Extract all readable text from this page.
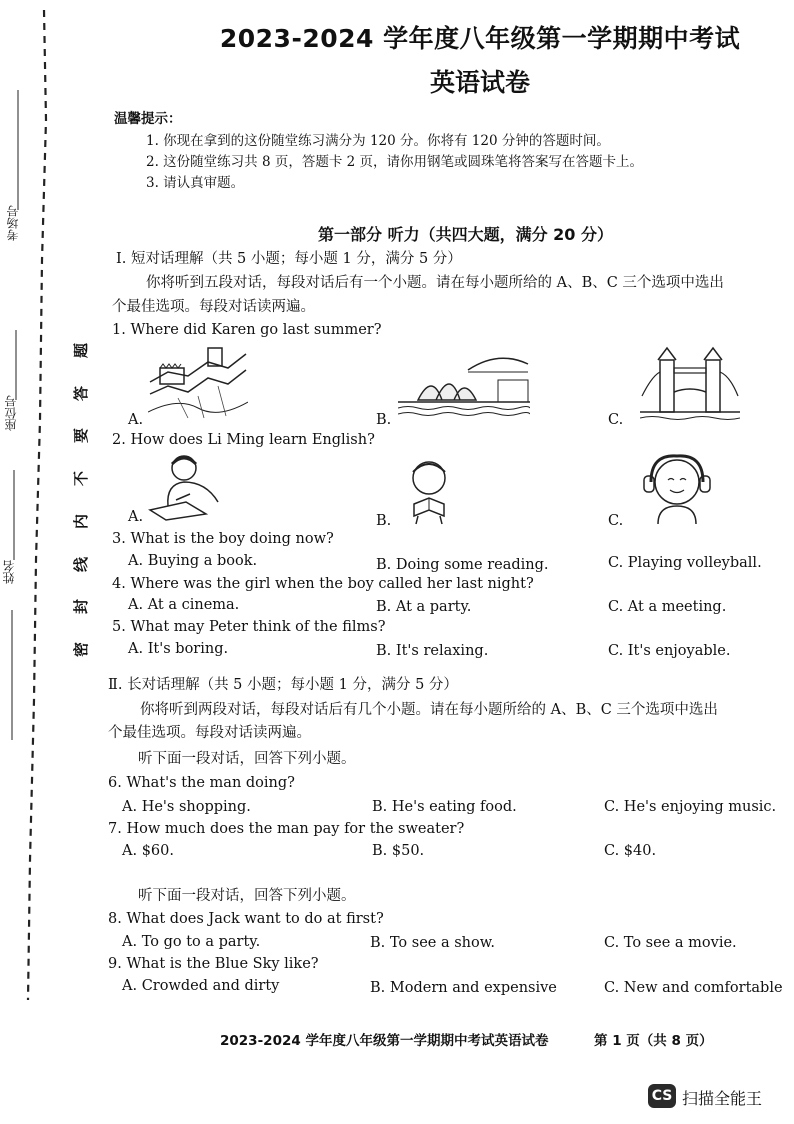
考场号
座位号
姓名
题
答
要
不
内
线
封
密
2023-2024 学年度八年级第一学期期中考试
英语试卷
温馨提示：
1. 你现在拿到的这份随堂练习满分为 120 分。你将有 120 分钟的答题时间。
2. 这份随堂练习共 8 页，答题卡 2 页，请你用钢笔或圆珠笔将答案写在答题卡上。
3. 请认真审题。
第一部分 听力（共四大题，满分 20 分）
Ⅰ. 短对话理解（共 5 小题；每小题 1 分，满分 5 分）
你将听到五段对话，每段对话后有一个小题。请在每小题所给的 A、B、C 三个选项中选出
个最佳选项。每段对话读两遍。
1. Where did Karen go last summer?
A.	B.	C.
2. How does Li Ming learn English?
A.	B.	C.
3. What is the boy doing now?
A. Buying a book.	B. Doing some reading.	C. Playing volleyball.
4. Where was the girl when the boy called her last night?
A. At a cinema.	B. At a party.	C. At a meeting.
5. What may Peter think of the films?
A. It's boring.	B. It's relaxing.	C. It's enjoyable.
Ⅱ. 长对话理解（共 5 小题；每小题 1 分，满分 5 分）
你将听到两段对话，每段对话后有几个小题。请在每小题所给的 A、B、C 三个选项中选出
个最佳选项。每段对话读两遍。
听下面一段对话，回答下列小题。
6. What's the man doing?
A. He's shopping.	B. He's eating food.	C. He's enjoying music.
7. How much does the man pay for the sweater?
A. $60.	B. $50.	C. $40.
听下面一段对话，回答下列小题。
8. What does Jack want to do at first?
A. To go to a party.	B. To see a show.	C. To see a movie.
9. What is the Blue Sky like?
A. Crowded and dirty	B. Modern and expensive	C. New and comfortable
2023-2024 学年度八年级第一学期期中考试英语试卷	第 1 页（共 8 页）
CS 扫描全能王
